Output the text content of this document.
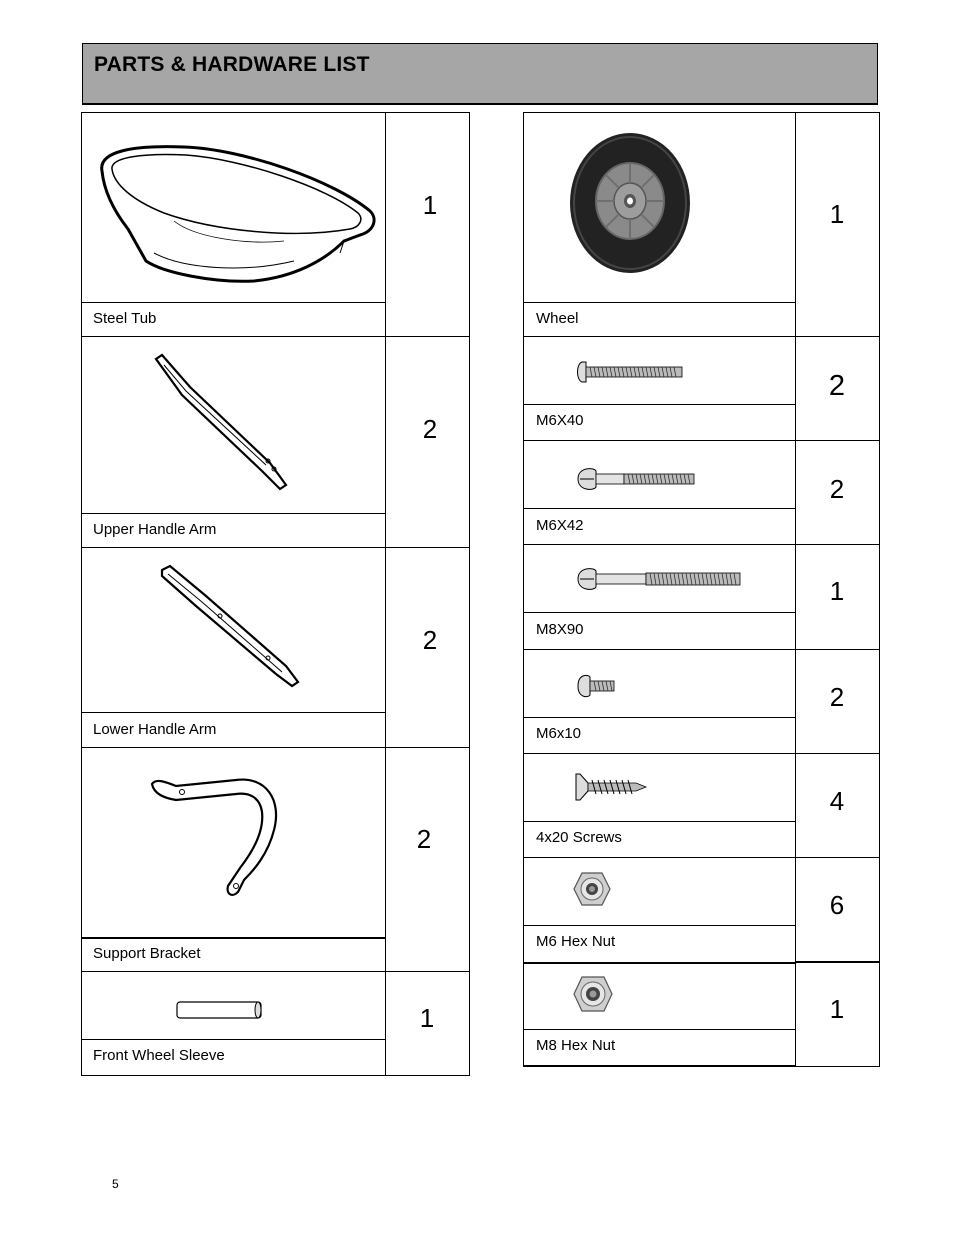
PARTS & HARDWARE LIST
Steel Tub
1
Upper Handle Arm
2
Lower Handle Arm
2
Support Bracket
2
Front Wheel Sleeve
1
Wheel
1
M6X40
2
M6X42
2
M8X90
1
M6x10
2
4x20 Screws
4
M6 Hex Nut
6
M8 Hex Nut
1
5
